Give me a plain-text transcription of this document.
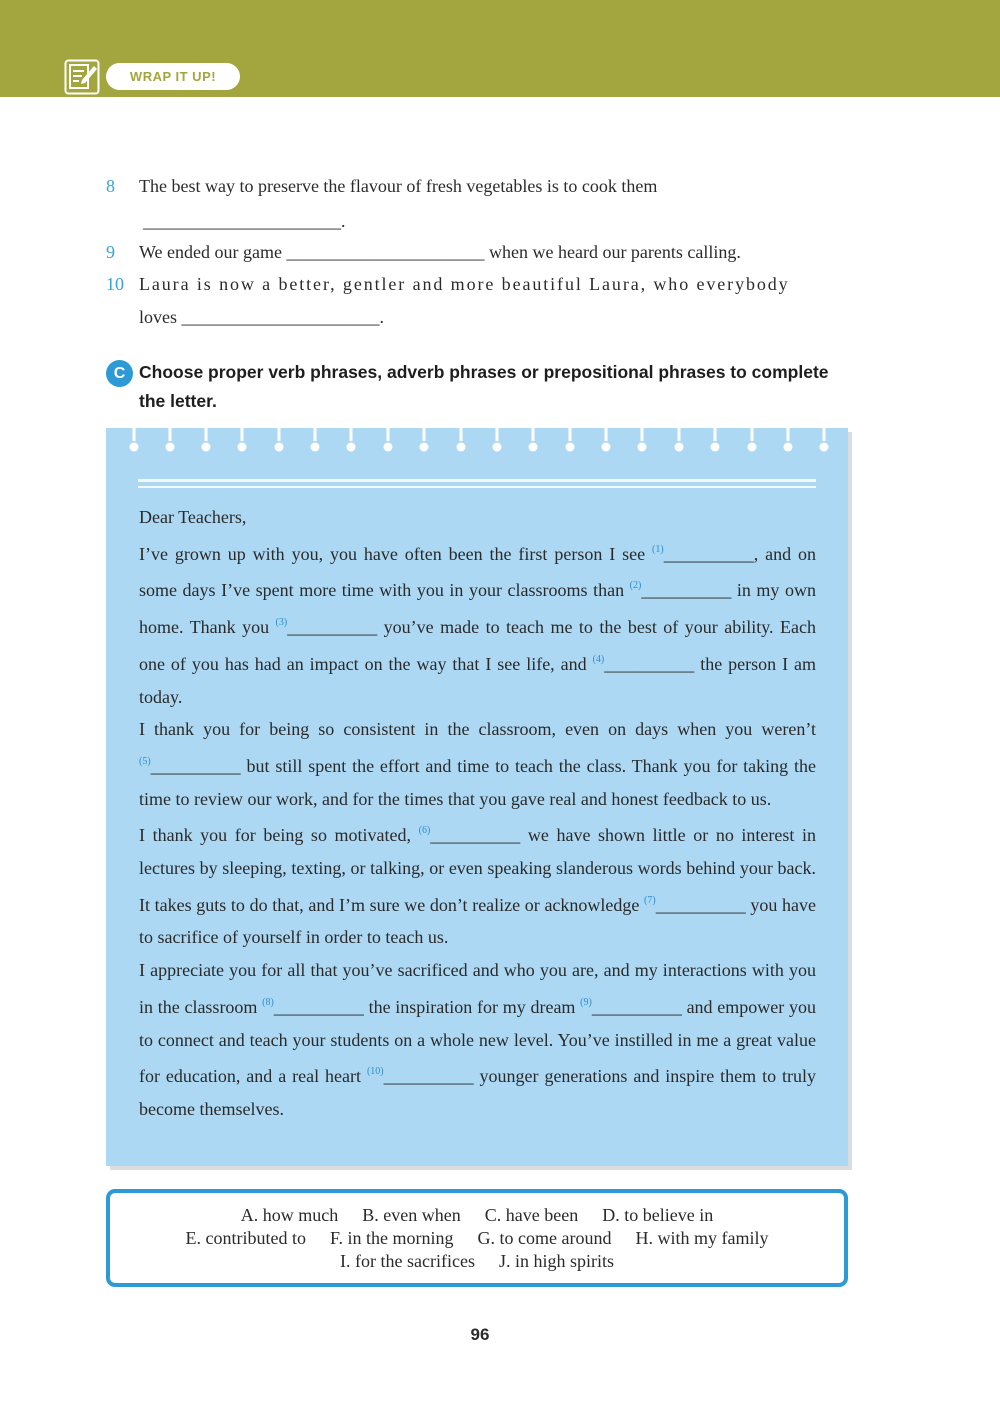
WRAP IT UP!
8 The best way to preserve the flavour of fresh vegetables is to cook them
______________________.
9 We ended our game ______________________ when we heard our parents calling.
10 Laura is now a better, gentler and more beautiful Laura, who everybody
loves ______________________.
C Choose proper verb phrases, adverb phrases or prepositional phrases to complete the letter.

Dear Teachers,

I’ve grown up with you, you have often been the first person I see $^{(1)}$__________, and on some days I’ve spent more time with you in your classrooms than $^{(2)}$__________ in my own home. Thank you $^{(3)}$__________ you’ve made to teach me to the best of your ability. Each one of you has had an impact on the way that I see life, and $^{(4)}$__________ the person I am today.

I thank you for being so consistent in the classroom, even on days when you weren’t $^{(5)}$__________ but still spent the effort and time to teach the class. Thank you for taking the time to review our work, and for the times that you gave real and honest feedback to us.

I thank you for being so motivated, $^{(6)}$__________ we have shown little or no interest in lectures by sleeping, texting, or talking, or even speaking slanderous words behind your back. It takes guts to do that, and I’m sure we don’t realize or acknowledge $^{(7)}$__________ you have to sacrifice of yourself in order to teach us.

I appreciate you for all that you’ve sacrificed and who you are, and my interactions with you in the classroom $^{(8)}$__________ the inspiration for my dream $^{(9)}$__________ and empower you to connect and teach your students on a whole new level. You’ve instilled in me a great value for education, and a real heart $^{(10)}$__________ younger generations and inspire them to truly become themselves.

A. how much B. even when C. have been D. to believe in
E. contributed to F. in the morning G. to come around H. with my family
I. for the sacrifices J. in high spirits
96
